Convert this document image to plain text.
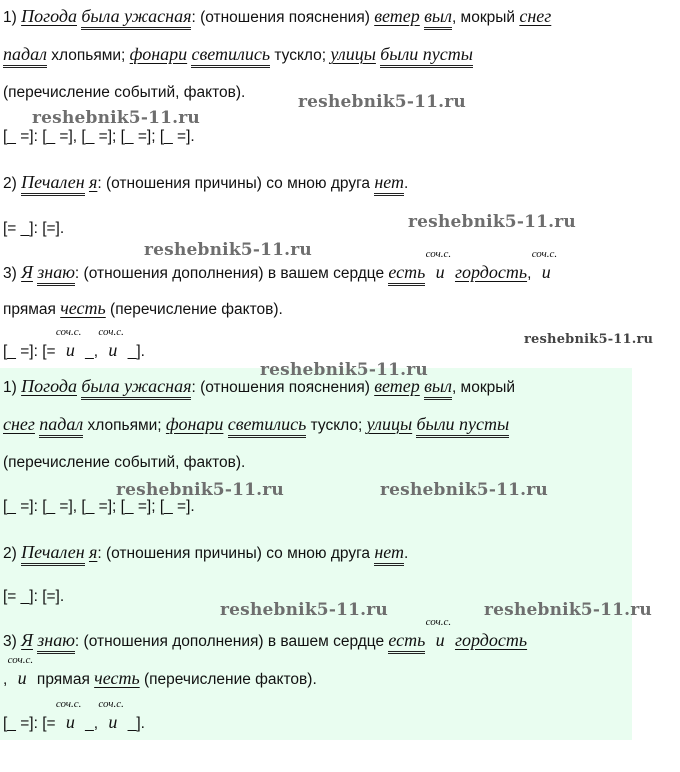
1) Погода была ужасная: (отношения пояснения) ветер выл, мокрый снег
падал хлопьями; фонари светились тускло; улицы были пусты
(перечисление событий, фактов).
[_ =]: [_ =], [_ =]; [_ =]; [_ =].
2) Печален я: (отношения причины) со мною друга нет.
[= _]: [=].
3) Я знаю: (отношения дополнения) в вашем сердце есть
соч.с.
и гордость,
соч.с.
и
прямая честь (перечисление фактов).
[_ =]: [=
соч.с.
и _,
соч.с.
и _].
1) Погода была ужасная: (отношения пояснения) ветер выл, мокрый
снег падал хлопьями; фонари светились тускло; улицы были пусты
(перечисление событий, фактов).
[_ =]: [_ =], [_ =]; [_ =]; [_ =].
2) Печален я: (отношения причины) со мною друга нет.
[= _]: [=].
3) Я знаю: (отношения дополнения) в вашем сердце есть
соч.с.
и гордость
,
соч.с.
и прямая честь (перечисление фактов).
[_ =]: [=
соч.с.
и _,
соч.с.
и _].
reshebnik5-11.ru
reshebnik5-11.ru
reshebnik5-11.ru
reshebnik5-11.ru
reshebnik5-11.ru
reshebnik5-11.ru
reshebnik5-11.ru	reshebnik5-11.ru
reshebnik5-11.ru	reshebnik5-11.ru
